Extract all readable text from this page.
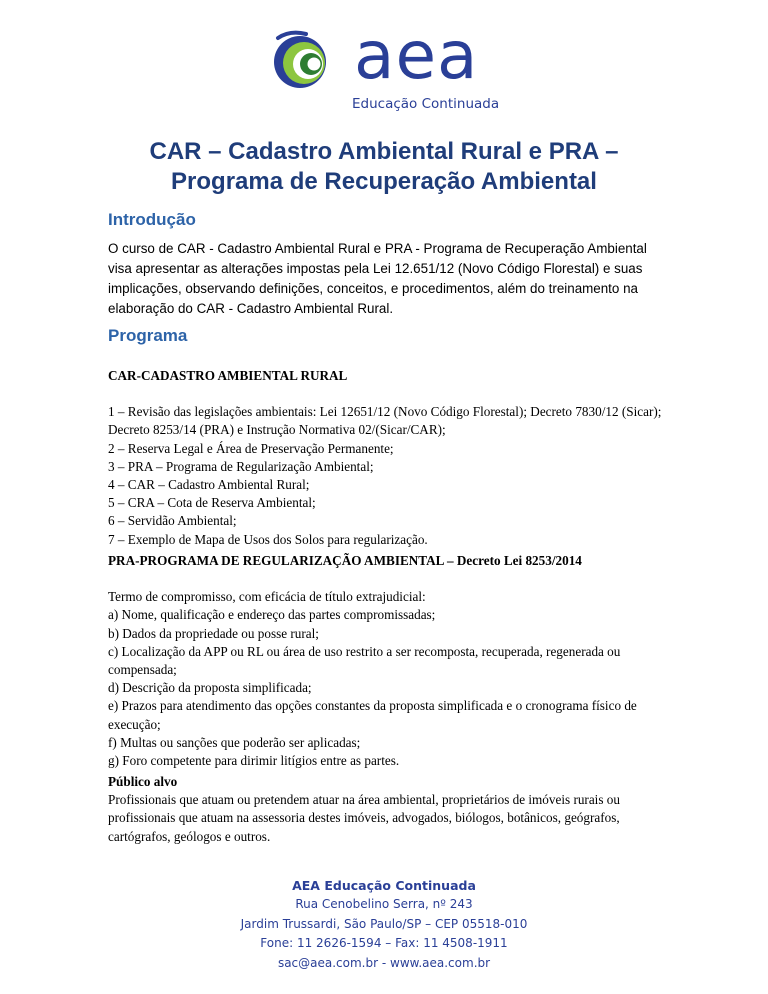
aea
Educação Continuada
CAR – Cadastro Ambiental Rural e PRA –
Programa de Recuperação Ambiental
Introdução

O curso de CAR - Cadastro Ambiental Rural e PRA - Programa de Recuperação Ambiental visa apresentar as alterações impostas pela Lei 12.651/12 (Novo Código Florestal) e suas implicações, observando definições, conceitos, e procedimentos, além do treinamento na elaboração do CAR - Cadastro Ambiental Rural.

Programa

CAR-CADASTRO AMBIENTAL RURAL

1 – Revisão das legislações ambientais: Lei 12651/12 (Novo Código Florestal); Decreto 7830/12 (Sicar); Decreto 8253/14 (PRA) e Instrução Normativa 02/(Sicar/CAR);

2 – Reserva Legal e Área de Preservação Permanente;

3 – PRA – Programa de Regularização Ambiental;

4 – CAR – Cadastro Ambiental Rural;

5 – CRA – Cota de Reserva Ambiental;

6 – Servidão Ambiental;

7 – Exemplo de Mapa de Usos dos Solos para regularização.

PRA-PROGRAMA DE REGULARIZAÇÃO AMBIENTAL – Decreto Lei 8253/2014

Termo de compromisso, com eficácia de título extrajudicial:

a) Nome, qualificação e endereço das partes compromissadas;

b) Dados da propriedade ou posse rural;

c) Localização da APP ou RL ou área de uso restrito a ser recomposta, recuperada, regenerada ou compensada;

d) Descrição da proposta simplificada;

e) Prazos para atendimento das opções constantes da proposta simplificada e o cronograma físico de execução;

f) Multas ou sanções que poderão ser aplicadas;

g) Foro competente para dirimir litígios entre as partes.

Público alvo

Profissionais que atuam ou pretendem atuar na área ambiental, proprietários de imóveis rurais ou profissionais que atuam na assessoria destes imóveis, advogados, biólogos, botânicos, geógrafos, cartógrafos, geólogos e outros.

AEA Educação Continuada
Rua Cenobelino Serra, nº 243
Jardim Trussardi, São Paulo/SP – CEP 05518-010
Fone: 11 2626-1594 – Fax: 11 4508-1911
sac@aea.com.br - www.aea.com.br
